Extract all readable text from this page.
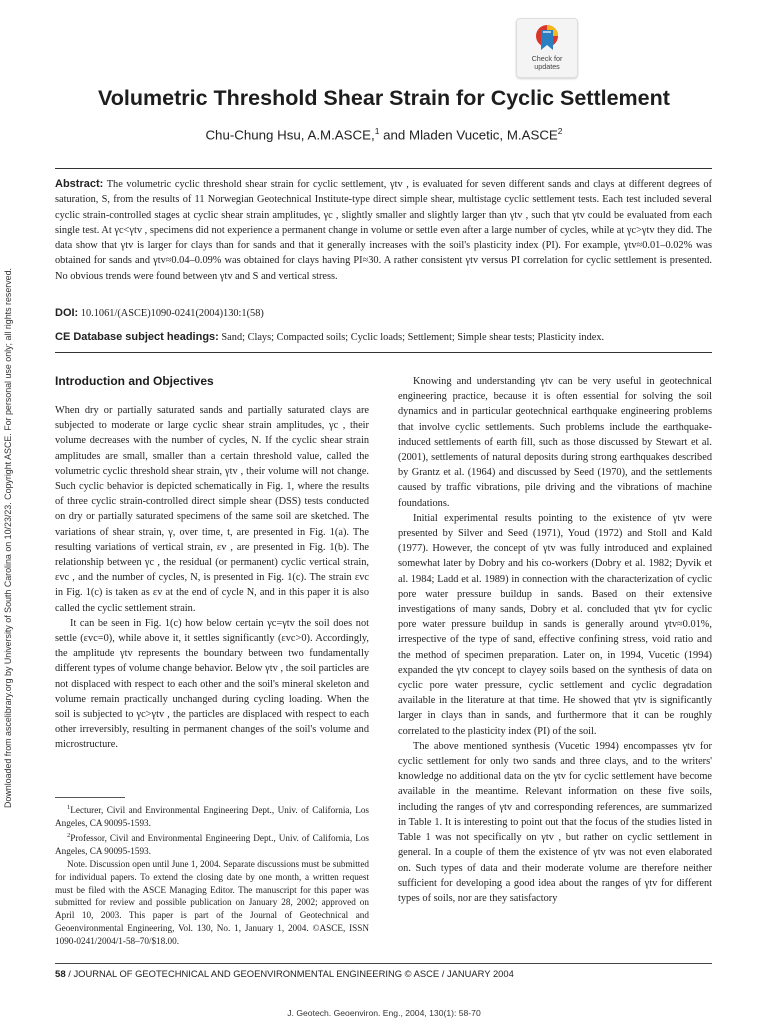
Downloaded from ascelibrary.org by University of South Carolina on 10/23/23. Copyright ASCE. For personal use only; all rights reserved.
Check for
updates
Volumetric Threshold Shear Strain for Cyclic Settlement
Chu-Chung Hsu, A.M.ASCE,$^1$ and Mladen Vucetic, M.ASCE$^2$

Abstract: The volumetric cyclic threshold shear strain for cyclic settlement, γtv , is evaluated for seven different sands and clays at different degrees of saturation, S, from the results of 11 Norwegian Geotechnical Institute-type direct simple shear, multistage cyclic settlement tests. Each test included several cyclic strain-controlled stages at cyclic shear strain amplitudes, γc , slightly smaller and slightly larger than γtv , such that γtv could be evaluated from each single test. At γc<γtv , specimens did not experience a permanent change in volume or settle even after a large number of cycles, while at γc>γtv they did. The data show that γtv is larger for clays than for sands and that it generally increases with the soil's plasticity index (PI). For example, γtv≈0.01–0.02% was obtained for sands and γtv≈0.04–0.09% was obtained for clays having PI≈30. A rather consistent γtv versus PI correlation for cyclic settlement is presented. No obvious trends were found between γtv and S and vertical stress.

DOI: 10.1061/(ASCE)1090-0241(2004)130:1(58)

CE Database subject headings: Sand; Clays; Compacted soils; Cyclic loads; Settlement; Simple shear tests; Plasticity index.

Introduction and Objectives

When dry or partially saturated sands and partially saturated clays are subjected to moderate or large cyclic shear strain amplitudes, γc , their volume decreases with the number of cycles, N. If the cyclic shear strain amplitudes are small, smaller than a certain threshold value, called the volumetric cyclic threshold shear strain, γtv , their volume will not change. Such cyclic behavior is depicted schematically in Fig. 1, where the results of three cyclic strain-controlled direct simple shear (DSS) tests conducted on dry or partially saturated specimens of the same soil are sketched. The variations of shear strain, γ, over time, t, are presented in Fig. 1(a). The resulting variations of vertical strain, εv , are presented in Fig. 1(b). The relationship between γc , the residual (or permanent) cyclic vertical strain, εvc , and the number of cycles, N, is presented in Fig. 1(c). The strain εvc in Fig. 1(c) is taken as εv at the end of cycle N, and in this paper it is also called the cyclic settlement strain.

It can be seen in Fig. 1(c) how below certain γc=γtv the soil does not settle (εvc=0), while above it, it settles significantly (εvc>0). Accordingly, the amplitude γtv represents the boundary between two fundamentally different types of volume change behavior. Below γtv , the soil particles are not displaced with respect to each other and the soil's mineral skeleton and volume remain practically unchanged during cycling loading. When the soil is subjected to γc>γtv , the particles are displaced with respect to each other irreversibly, resulting in permanent changes of the soil's volume and microstructure.

$^1$Lecturer, Civil and Environmental Engineering Dept., Univ. of California, Los Angeles, CA 90095-1593.

$^2$Professor, Civil and Environmental Engineering Dept., Univ. of California, Los Angeles, CA 90095-1593.

Note. Discussion open until June 1, 2004. Separate discussions must be submitted for individual papers. To extend the closing date by one month, a written request must be filed with the ASCE Managing Editor. The manuscript for this paper was submitted for review and possible publication on January 28, 2002; approved on April 10, 2003. This paper is part of the Journal of Geotechnical and Geoenvironmental Engineering, Vol. 130, No. 1, January 1, 2004. ©ASCE, ISSN 1090-0241/2004/1-58–70/$18.00.

Knowing and understanding γtv can be very useful in geotechnical engineering practice, because it is often essential for solving the soil dynamics and in particular geotechnical earthquake engineering problems that involve cyclic settlements. Such problems include the earthquake-induced settlements of earth fill, such as those discussed by Stewart et al. (2001), settlements of natural deposits during strong earthquakes described by Grantz et al. (1964) and discussed by Seed (1970), and the settlements caused by traffic vibrations, pile driving and the vibrations of machine foundations.

Initial experimental results pointing to the existence of γtv were presented by Silver and Seed (1971), Youd (1972) and Stoll and Kald (1977). However, the concept of γtv was fully introduced and explained somewhat later by Dobry and his co-workers (Dobry et al. 1982; Dyvik et al. 1984; Ladd et al. 1989) in connection with the characterization of cyclic pore water pressure buildup in sands. Based on their extensive investigations of many sands, Dobry et al. concluded that γtv for cyclic pore water pressure buildup in sands is generally around γtv≈0.01%, irrespective of the type of sand, effective confining stress, void ratio and the method of specimen preparation. Later on, in 1994, Vucetic (1994) expanded the γtv concept to clayey soils based on the synthesis of data on cyclic pore water pressure, cyclic settlement and cyclic degradation available in the literature at that time. He showed that γtv is significantly larger in clays than in sands, and furthermore that it can be roughly correlated to the plasticity index (PI) of the soil.

The above mentioned synthesis (Vucetic 1994) encompasses γtv for cyclic settlement for only two sands and three clays, and to the writers' knowledge no additional data on the γtv for cyclic settlement have become available in the meantime. Relevant information on these five soils, including the ranges of γtv and corresponding references, are summarized in Table 1. It is interesting to point out that the focus of the studies listed in Table 1 was not specifically on γtv , but rather on cyclic settlement in general. In a couple of them the existence of γtv was not even elaborated on. Such types of data and their moderate volume are therefore neither sufficient for developing a good idea about the ranges of γtv for different types of soils, nor are they satisfactory

58 / JOURNAL OF GEOTECHNICAL AND GEOENVIRONMENTAL ENGINEERING © ASCE / JANUARY 2004
J. Geotech. Geoenviron. Eng., 2004, 130(1): 58-70
